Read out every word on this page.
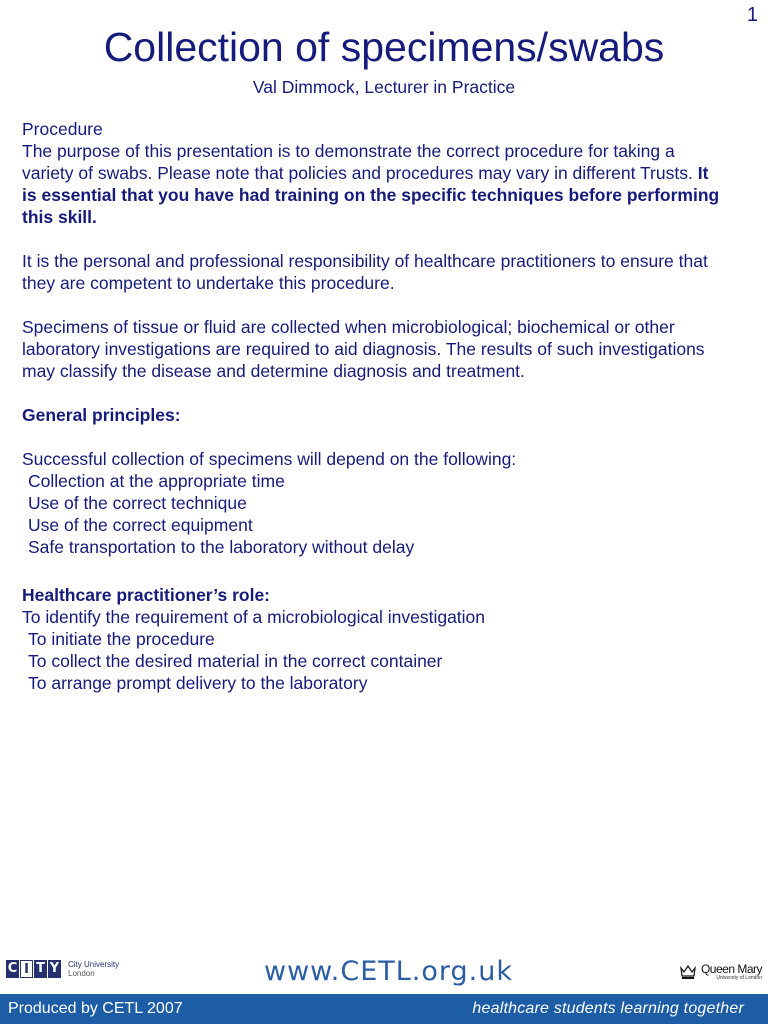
1
Collection of specimens/swabs
Val Dimmock, Lecturer in Practice

Procedure

The purpose of this presentation is to demonstrate the correct procedure for taking a variety of swabs. Please note that policies and procedures may vary in different Trusts. It is essential that you have had training on the specific techniques before performing this skill.

It is the personal and professional responsibility of healthcare practitioners to ensure that they are competent to undertake this procedure.

Specimens of tissue or fluid are collected when microbiological; biochemical or other laboratory investigations are required to aid diagnosis. The results of such investigations may classify the disease and determine diagnosis and treatment.

General principles:

Successful collection of specimens will depend on the following:

Collection at the appropriate time

Use of the correct technique

Use of the correct equipment

Safe transportation to the laboratory without delay

Healthcare practitioner’s role:

To identify the requirement of a microbiological investigation

To initiate the procedure

To collect the desired material in the correct container

To arrange prompt delivery to the laboratory

C I T Y City University
London	www.CETL.org.uk	Queen Mary
University of London
Produced by CETL 2007	healthcare students learning together
